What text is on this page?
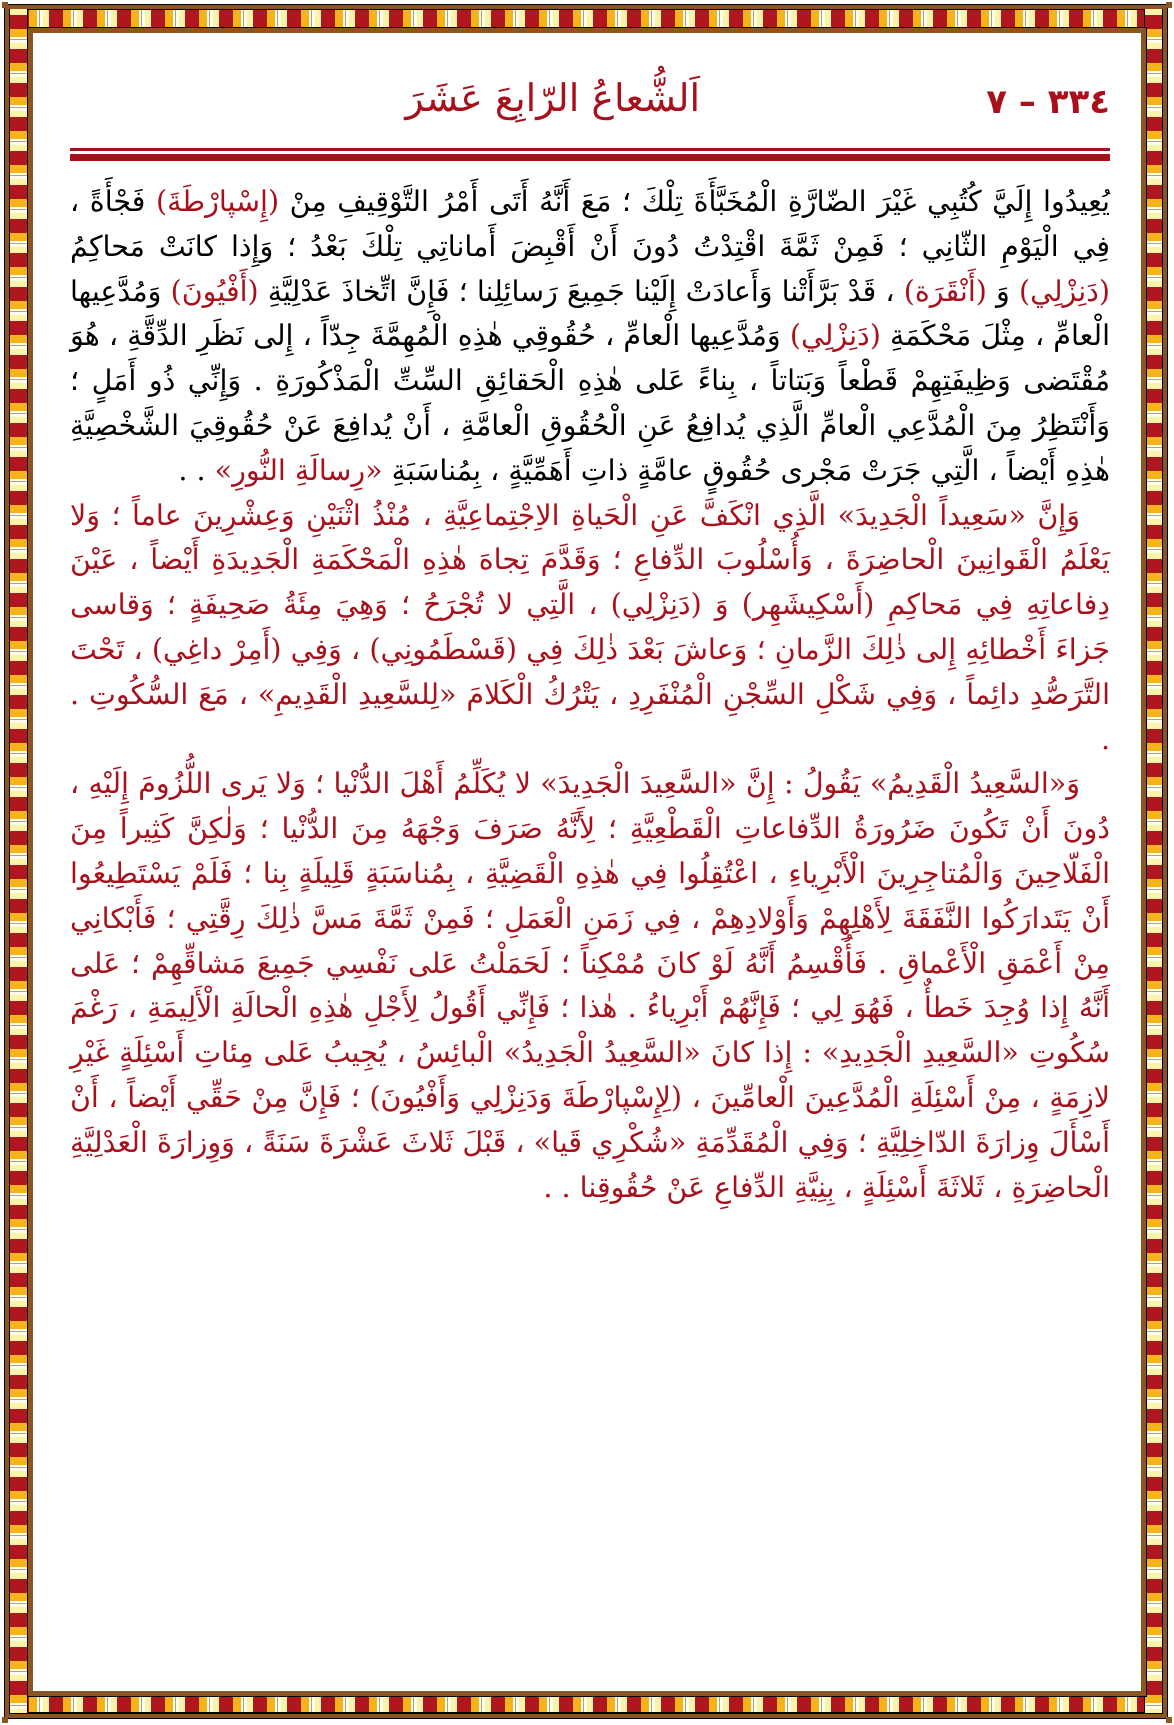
٣٣٤ – ٧
اَلشُّعاعُ الرّابِعَ عَشَرَ

يُعِيدُوا إِلَيَّ كُتُبِي غَيْرَ الضّارَّةِ الْمُخَبَّأَةَ تِلْكَ ؛ مَعَ أَنَّهُ أَتَى أَمْرُ التَّوْقِيفِ مِنْ (إِسْپارْطَةَ) فَجْأَةً ، فِي الْيَوْمِ الثّانِي ؛ فَمِنْ ثَمَّةَ اقْتِدْتُ دُونَ أَنْ أَقْبِضَ أَماناتِي تِلْكَ بَعْدُ ؛ وَإِذا كانَتْ مَحاكِمُ (دَنِزْلِي) وَ (أَنْقَرَة) ، قَدْ بَرَّأَتْنا وَأَعادَتْ إِلَيْنا جَمِيعَ رَسائِلِنا ؛ فَإِنَّ اتِّخاذَ عَدْلِيَّةِ (أَفْيُونَ) وَمُدَّعِيها الْعامِّ ، مِثْلَ مَحْكَمَةِ (دَنِزْلِي) وَمُدَّعِيها الْعامِّ ، حُقُوقِي هٰذِهِ الْمُهِمَّةَ جِدّاً ، إِلى نَظَرِ الدِّقَّةِ ، هُوَ مُقْتَضى وَظِيفَتِهِمْ قَطْعاً وَبَتاتاً ، بِناءً عَلى هٰذِهِ الْحَقائِقِ السِّتِّ الْمَذْكُورَةِ . وَإِنِّي ذُو أَمَلٍ ؛ وَأَنْتَظِرُ مِنَ الْمُدَّعِي الْعامِّ الَّذِي يُدافِعُ عَنِ الْحُقُوقِ الْعامَّةِ ، أَنْ يُدافِعَ عَنْ حُقُوقِيَ الشَّخْصِيَّةِ هٰذِهِ أَيْضاً ، الَّتِي جَرَتْ مَجْرى حُقُوقٍ عامَّةٍ ذاتِ أَهَمِّيَّةٍ ، بِمُناسَبَةِ «رِسالَةِ النُّورِ» . .

وَإِنَّ «سَعِيداً الْجَدِيدَ» الَّذِي انْكَفَّ عَنِ الْحَياةِ الاِجْتِماعِيَّةِ ، مُنْذُ اثْنَيْنِ وَعِشْرِينَ عاماً ؛ وَلا يَعْلَمُ الْقَوانِينَ الْحاضِرَةَ ، وَأُسْلُوبَ الدِّفاعِ ؛ وَقَدَّمَ تِجاهَ هٰذِهِ الْمَحْكَمَةِ الْجَدِيدَةِ أَيْضاً ، عَيْنَ دِفاعاتِهِ فِي مَحاكِمِ (أَسْكِيشَهِر) وَ (دَنِزْلِي) ، الَّتِي لا تُجْرَحُ ؛ وَهِيَ مِئَةُ صَحِيفَةٍ ؛ وَقاسى جَزاءَ أَخْطائِهِ إِلى ذٰلِكَ الزَّمانِ ؛ وَعاشَ بَعْدَ ذٰلِكَ فِي (قَسْطَمُونِي) ، وَفِي (أَمِرْ داغِي) ، تَحْتَ التَّرَصُّدِ دائِماً ، وَفِي شَكْلِ السِّجْنِ الْمُنْفَرِدِ ، يَتْرُكُ الْكَلامَ «لِلسَّعِيدِ الْقَدِيمِ» ، مَعَ السُّكُوتِ . .

وَ«السَّعِيدُ الْقَدِيمُ» يَقُولُ : إِنَّ «السَّعِيدَ الْجَدِيدَ» لا يُكَلِّمُ أَهْلَ الدُّنْيا ؛ وَلا يَرى اللُّزُومَ إِلَيْهِ ، دُونَ أَنْ تَكُونَ ضَرُورَةُ الدِّفاعاتِ الْقَطْعِيَّةِ ؛ لِأَنَّهُ صَرَفَ وَجْهَهُ مِنَ الدُّنْيا ؛ وَلٰكِنَّ كَثِيراً مِنَ الْفَلّاحِينَ وَالْمُتاجِرِينَ الْأَبْرِياءِ ، اعْتُقِلُوا فِي هٰذِهِ الْقَضِيَّةِ ، بِمُناسَبَةٍ قَلِيلَةٍ بِنا ؛ فَلَمْ يَسْتَطِيعُوا أَنْ يَتَدارَكُوا النَّفَقَةَ لِأَهْلِهِمْ وَأَوْلادِهِمْ ، فِي زَمَنِ الْعَمَلِ ؛ فَمِنْ ثَمَّةَ مَسَّ ذٰلِكَ رِقَّتِي ؛ فَأَبْكانِي مِنْ أَعْمَقِ الْأَعْماقِ . فَأُقْسِمُ أَنَّهُ لَوْ كانَ مُمْكِناً ؛ لَحَمَلْتُ عَلى نَفْسِي جَمِيعَ مَشاقِّهِمْ ؛ عَلى أَنَّهُ إِذا وُجِدَ خَطأٌ ، فَهُوَ لِي ؛ فَإِنَّهُمْ أَبْرِياءُ . هٰذا ؛ فَإِنِّي أَقُولُ لِأَجْلِ هٰذِهِ الْحالَةِ الْأَلِيمَةِ ، رَغْمَ سُكُوتِ «السَّعِيدِ الْجَدِيدِ» : إِذا كانَ «السَّعِيدُ الْجَدِيدُ» الْبائِسُ ، يُجِيبُ عَلى مِئاتِ أَسْئِلَةٍ غَيْرِ لازِمَةٍ ، مِنْ أَسْئِلَةِ الْمُدَّعِينَ الْعامِّينَ ، (لِإِسْپارْطَةَ وَدَنِزْلِي وَأَفْيُونَ) ؛ فَإِنَّ مِنْ حَقِّي أَيْضاً ، أَنْ أَسْأَلَ وِزارَةَ الدّاخِلِيَّةِ ؛ وَفِي الْمُقَدِّمَةِ «شُكْرِي قَيا» ، قَبْلَ ثَلاثَ عَشْرَةَ سَنَةً ، وَوِزارَةَ الْعَدْلِيَّةِ الْحاضِرَةِ ، ثَلاثَةَ أَسْئِلَةٍ ، بِنِيَّةِ الدِّفاعِ عَنْ حُقُوقِنا . .
